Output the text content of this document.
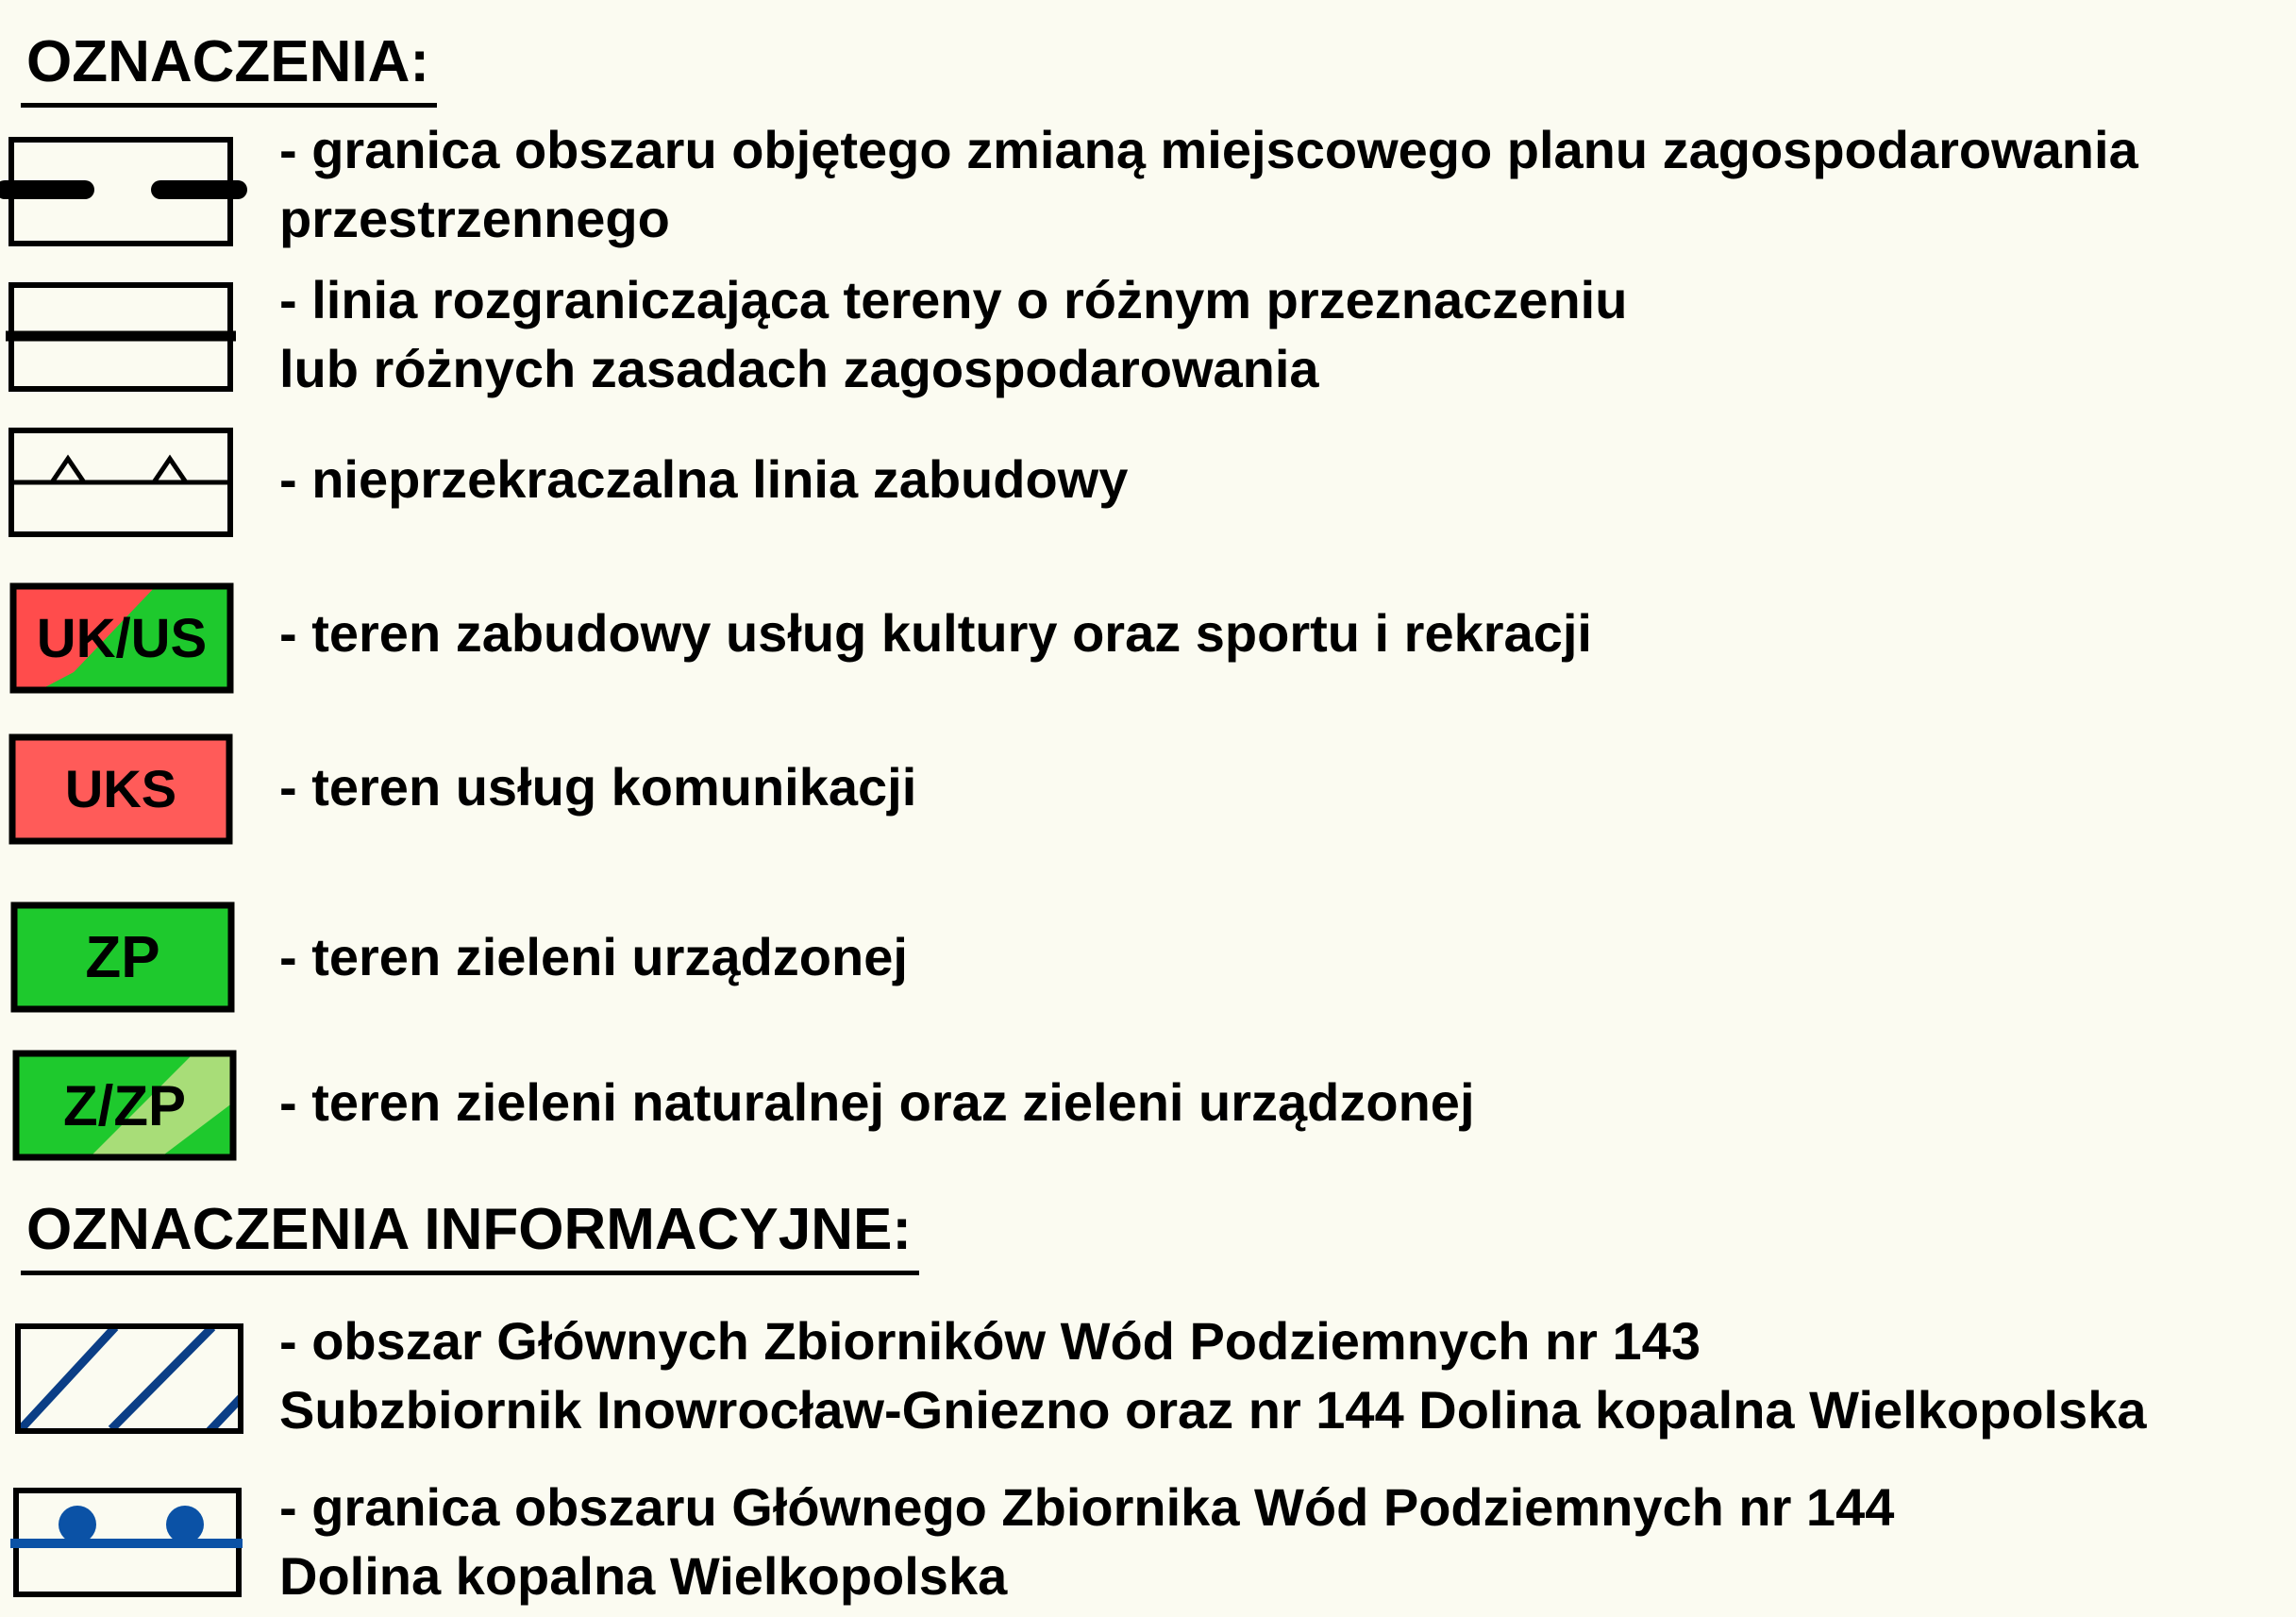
OZNACZENIA:
- granica obszaru objętego zmianą miejscowego planu zagospodarowania
przestrzennego
- linia rozgraniczająca tereny o różnym przeznaczeniu
lub różnych zasadach zagospodarowania
- nieprzekraczalna linia zabudowy
UK/US - teren zabudowy usług kultury oraz sportu i rekracji
UKS - teren usług komunikacji
ZP - teren zieleni urządzonej
Z/ZP - teren zieleni naturalnej oraz zieleni urządzonej
OZNACZENIA INFORMACYJNE:
- obszar Głównych Zbiorników Wód Podziemnych nr 143
Subzbiornik Inowrocław-Gniezno oraz nr 144 Dolina kopalna Wielkopolska
- granica obszaru Głównego Zbiornika Wód Podziemnych nr 144
Dolina kopalna Wielkopolska
